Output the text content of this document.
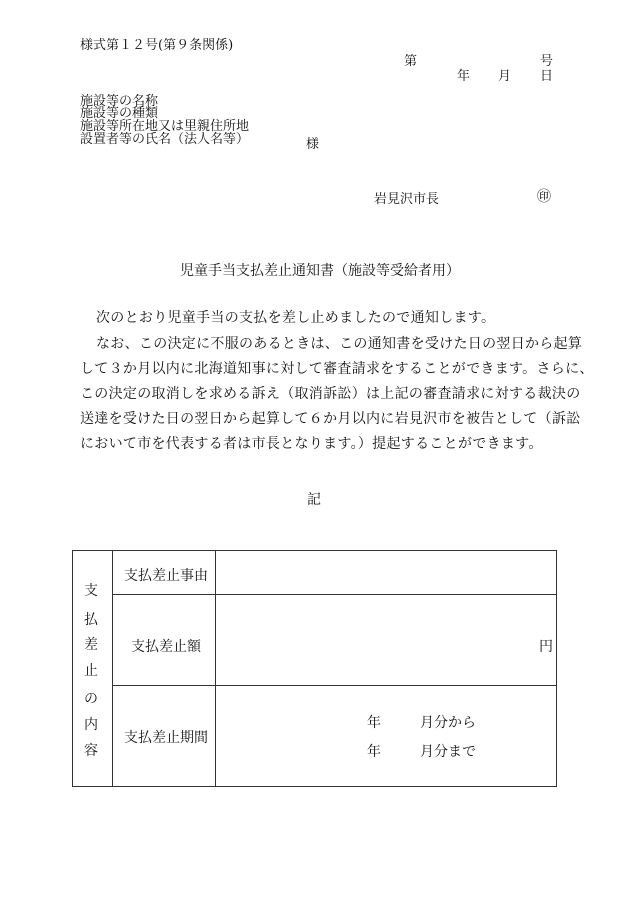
様式第１２号(第９条関係)
第	号
年 月 日
施設等の名称
施設等の種類
施設等所在地又は里親住所地
設置者等の氏名（法人名等）	様
岩見沢市長	㊞
児童手当支払差止通知書（施設等受給者用）
次のとおり児童手当の支払を差し止めましたので通知します。
なお、この決定に不服のあるときは、この通知書を受けた日の翌日から起算
して３か月以内に北海道知事に対して審査請求をすることができます。さらに、
この決定の取消しを求める訴え（取消訴訟）は上記の審査請求に対する裁決の
送達を受けた日の翌日から起算して６か月以内に岩見沢市を被告として（訴訟
において市を代表する者は市長となります。）提起することができます。
記
支
払
差
止
の
内
容
支払差止事由
支払差止額	円
支払差止期間
年	月分から
年	月分まで
